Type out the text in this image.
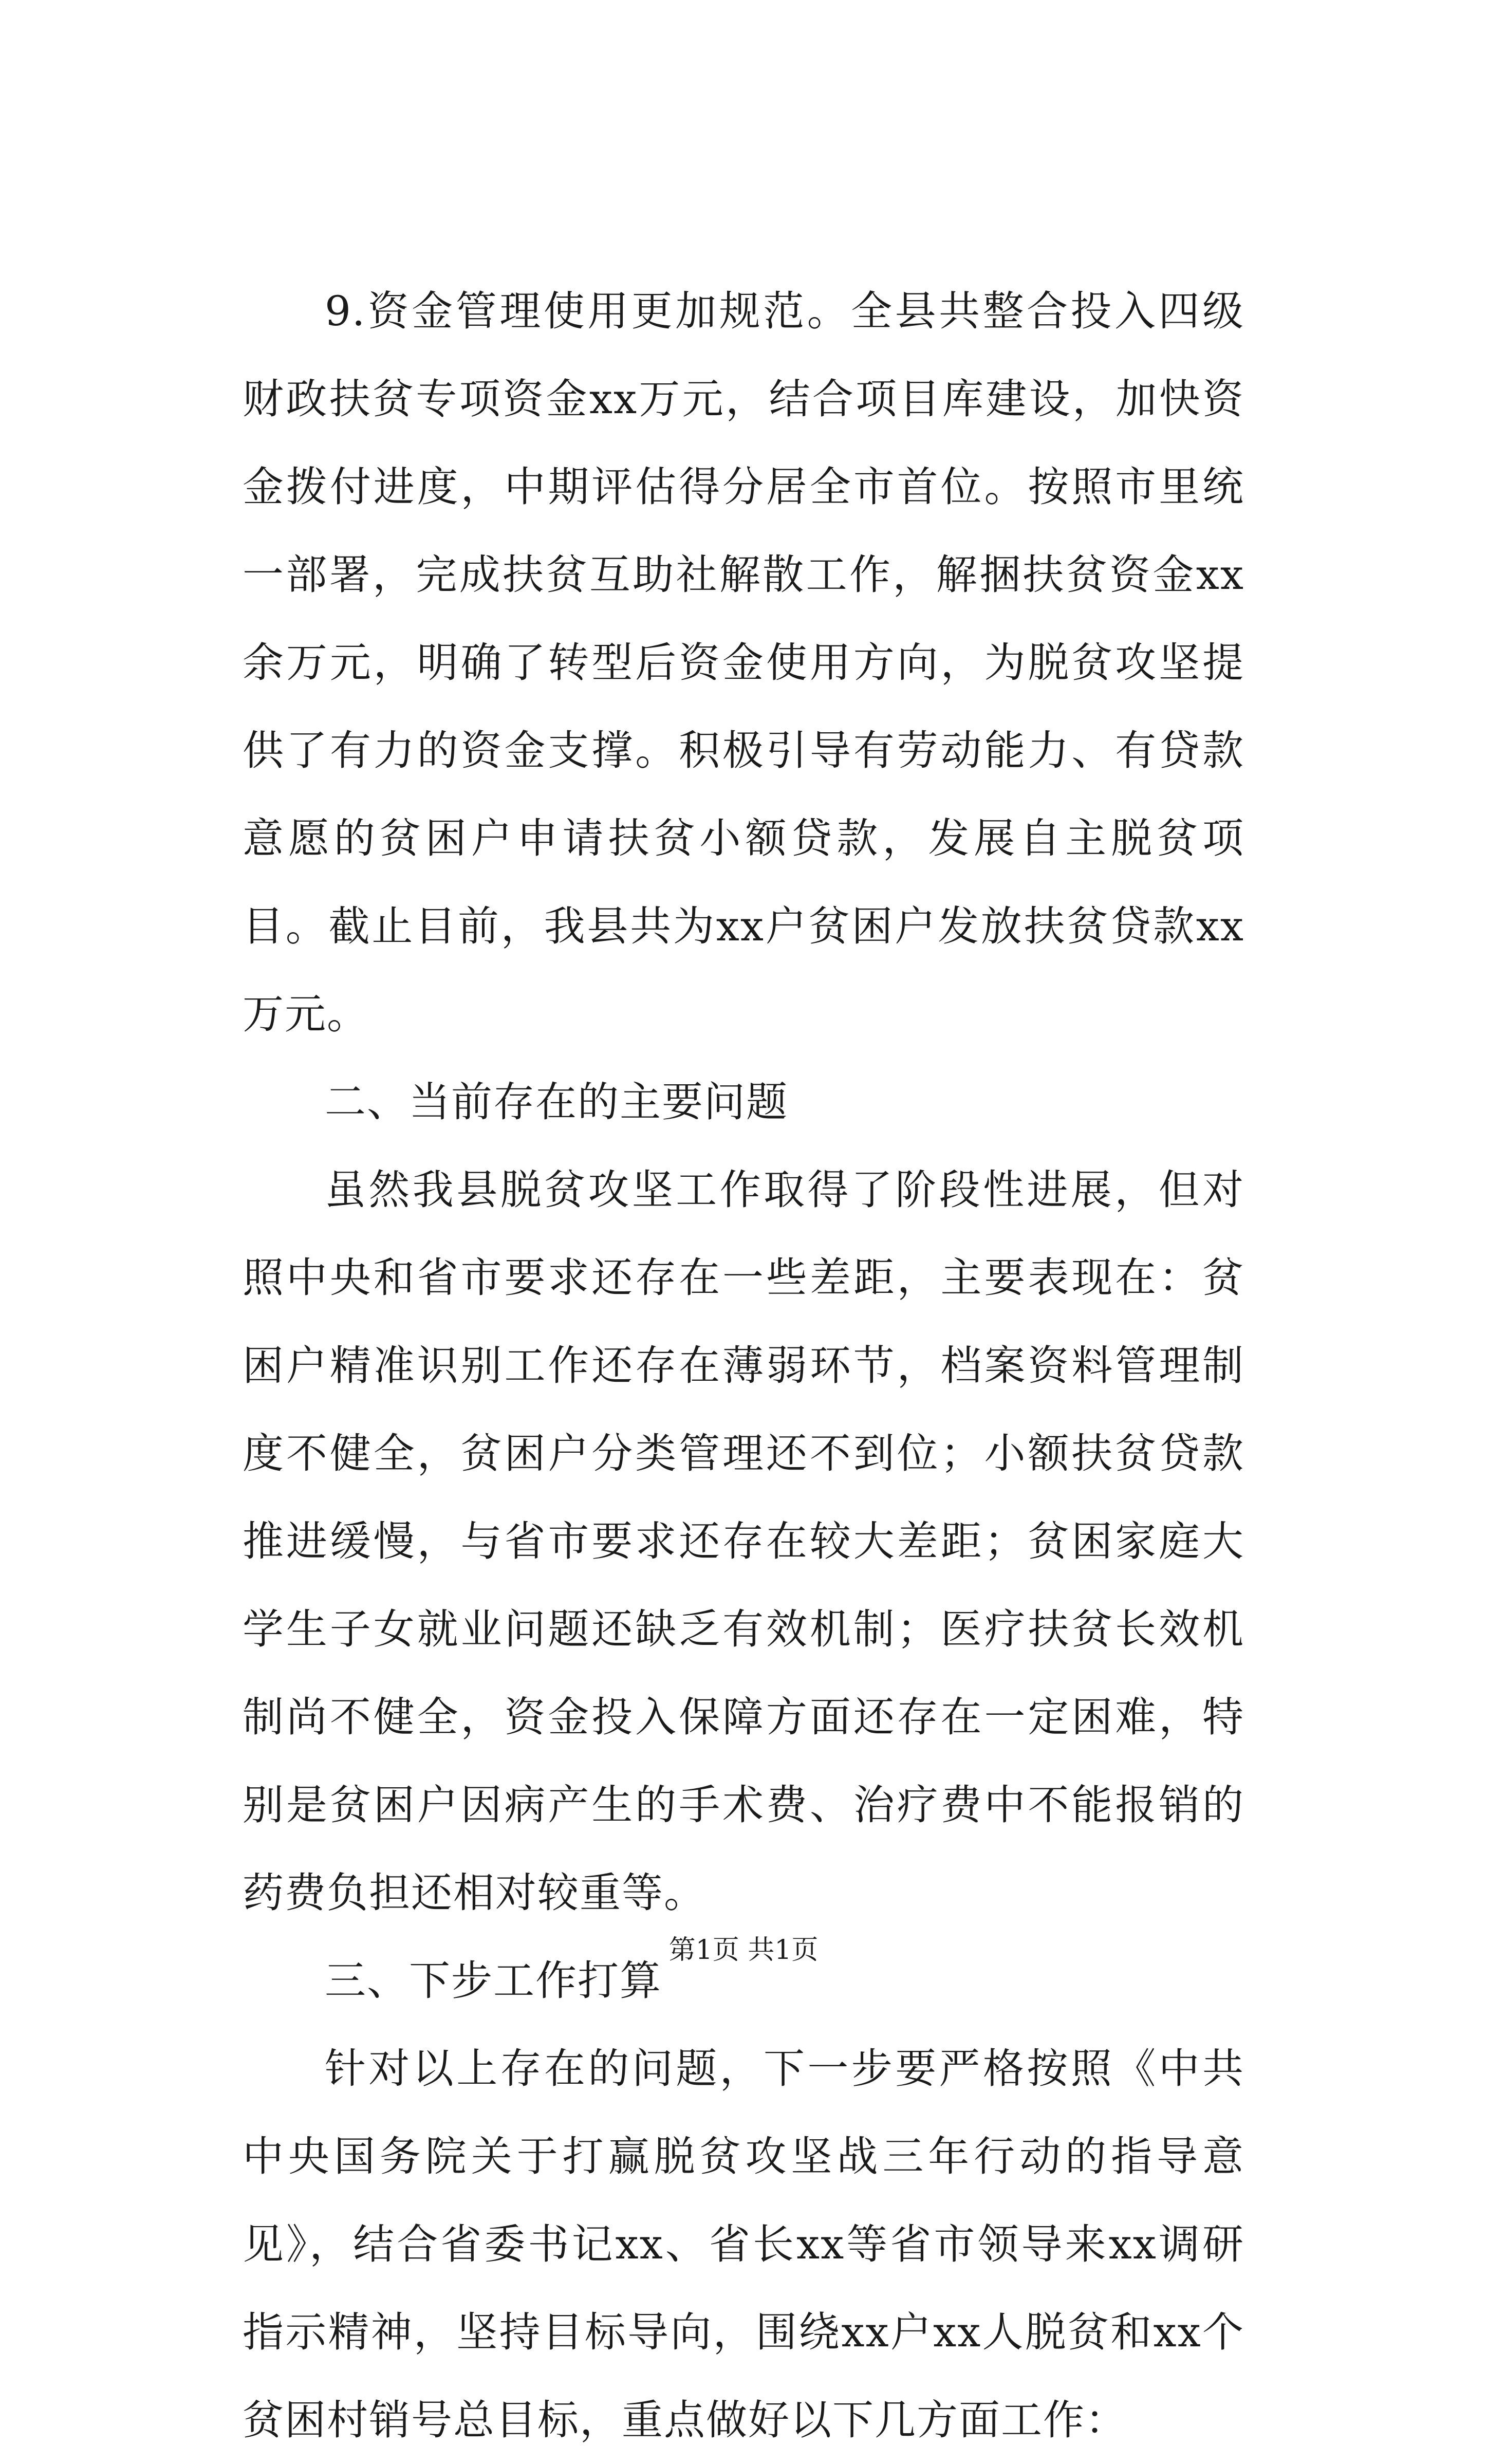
9.资金管理使用更加规范。全县共整合投入四级财政扶贫专项资金xx万元，结合项目库建设，加快资金拨付进度，中期评估得分居全市首位。按照市里统一部署，完成扶贫互助社解散工作，解捆扶贫资金xx余万元，明确了转型后资金使用方向，为脱贫攻坚提供了有力的资金支撑。积极引导有劳动能力、有贷款意愿的贫困户申请扶贫小额贷款，发展自主脱贫项目。截止目前，我县共为xx户贫困户发放扶贫贷款xx万元。

二、当前存在的主要问题

虽然我县脱贫攻坚工作取得了阶段性进展，但对照中央和省市要求还存在一些差距，主要表现在：贫困户精准识别工作还存在薄弱环节，档案资料管理制度不健全，贫困户分类管理还不到位；小额扶贫贷款推进缓慢，与省市要求还存在较大差距；贫困家庭大学生子女就业问题还缺乏有效机制；医疗扶贫长效机制尚不健全，资金投入保障方面还存在一定困难，特别是贫困户因病产生的手术费、治疗费中不能报销的药费负担还相对较重等。

三、下步工作打算

针对以上存在的问题，下一步要严格按照《中共中央国务院关于打赢脱贫攻坚战三年行动的指导意见》，结合省委书记xx、省长xx等省市领导来xx调研指示精神，坚持目标导向，围绕xx户xx人脱贫和xx个贫困村销号总目标，重点做好以下几方面工作：

第1页 共1页
